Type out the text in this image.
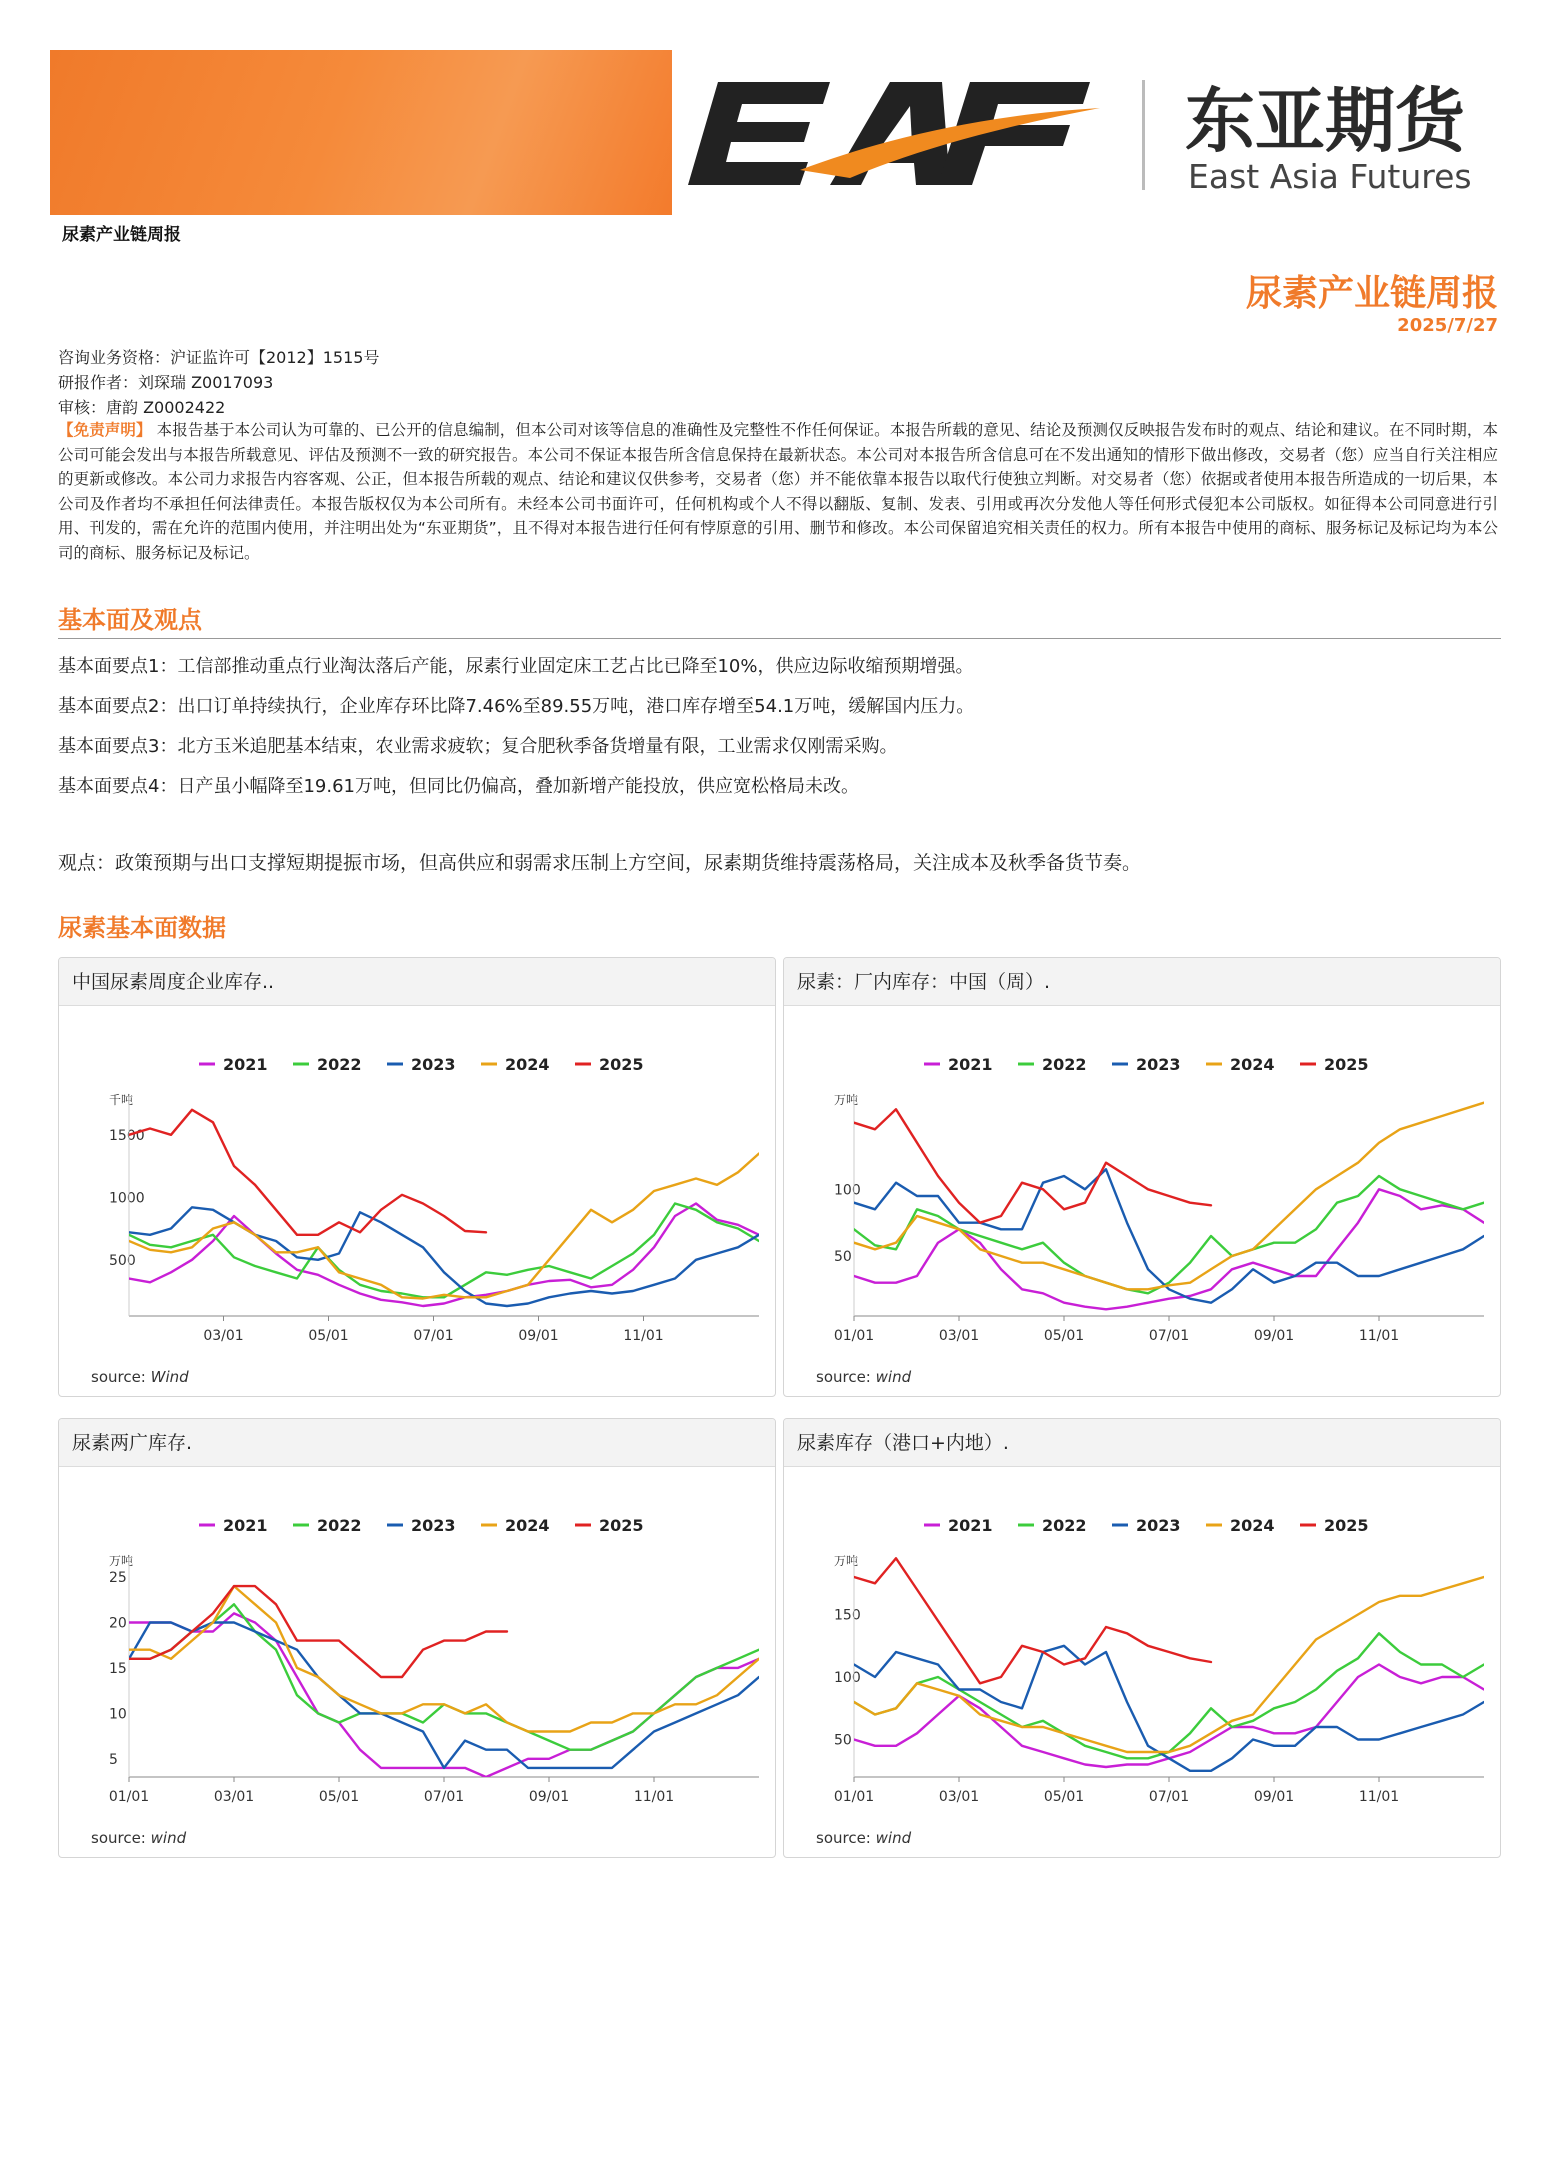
尿素产业链周报
东亚期货
East Asia Futures
尿素产业链周报
2025/7/27
咨询业务资格：沪证监许可【2012】1515号
研报作者：刘琛瑞 Z0017093
审核：唐韵 Z0002422
【免责声明】 本报告基于本公司认为可靠的、已公开的信息编制，但本公司对该等信息的准确性及完整性不作任何保证。本报告所载的意见、结论及预测仅反映报告发布时的观点、结论和建议。在不同时期，本公司可能会发出与本报告所载意见、评估及预测不一致的研究报告。本公司不保证本报告所含信息保持在最新状态。本公司对本报告所含信息可在不发出通知的情形下做出修改，交易者（您）应当自行关注相应的更新或修改。本公司力求报告内容客观、公正，但本报告所载的观点、结论和建议仅供参考，交易者（您）并不能依靠本报告以取代行使独立判断。对交易者（您）依据或者使用本报告所造成的一切后果，本公司及作者均不承担任何法律责任。本报告版权仅为本公司所有。未经本公司书面许可，任何机构或个人不得以翻版、复制、发表、引用或再次分发他人等任何形式侵犯本公司版权。如征得本公司同意进行引用、刊发的，需在允许的范围内使用，并注明出处为“东亚期货”，且不得对本报告进行任何有悖原意的引用、删节和修改。本公司保留追究相关责任的权力。所有本报告中使用的商标、服务标记及标记均为本公司的商标、服务标记及标记。
基本面及观点
基本面要点1：工信部推动重点行业淘汰落后产能，尿素行业固定床工艺占比已降至10%，供应边际收缩预期增强。
基本面要点2：出口订单持续执行，企业库存环比降7.46%至89.55万吨，港口库存增至54.1万吨，缓解国内压力。
基本面要点3：北方玉米追肥基本结束，农业需求疲软；复合肥秋季备货增量有限，工业需求仅刚需采购。
基本面要点4：日产虽小幅降至19.61万吨，但同比仍偏高，叠加新增产能投放，供应宽松格局未改。
观点：政策预期与出口支撑短期提振市场，但高供应和弱需求压制上方空间，尿素期货维持震荡格局，关注成本及秋季备货节奏。
尿素基本面数据
中国尿素周度企业库存..
2021	2022	2023	2024	2025
千吨
500
1000
1500
03/01	05/01	07/01	09/01	11/01
source: Wind
尿素：厂内库存：中国（周）.
2021	2022	2023	2024	2025
万吨
50
100
01/01	03/01	05/01	07/01	09/01	11/01
source: wind
尿素两广库存.
2021	2022	2023	2024	2025
万吨
5
10
15
20
25
01/01	03/01	05/01	07/01	09/01	11/01
source: wind
尿素库存（港口+内地）.
2021	2022	2023	2024	2025
万吨
50
100
150
01/01	03/01	05/01	07/01	09/01	11/01
source: wind
